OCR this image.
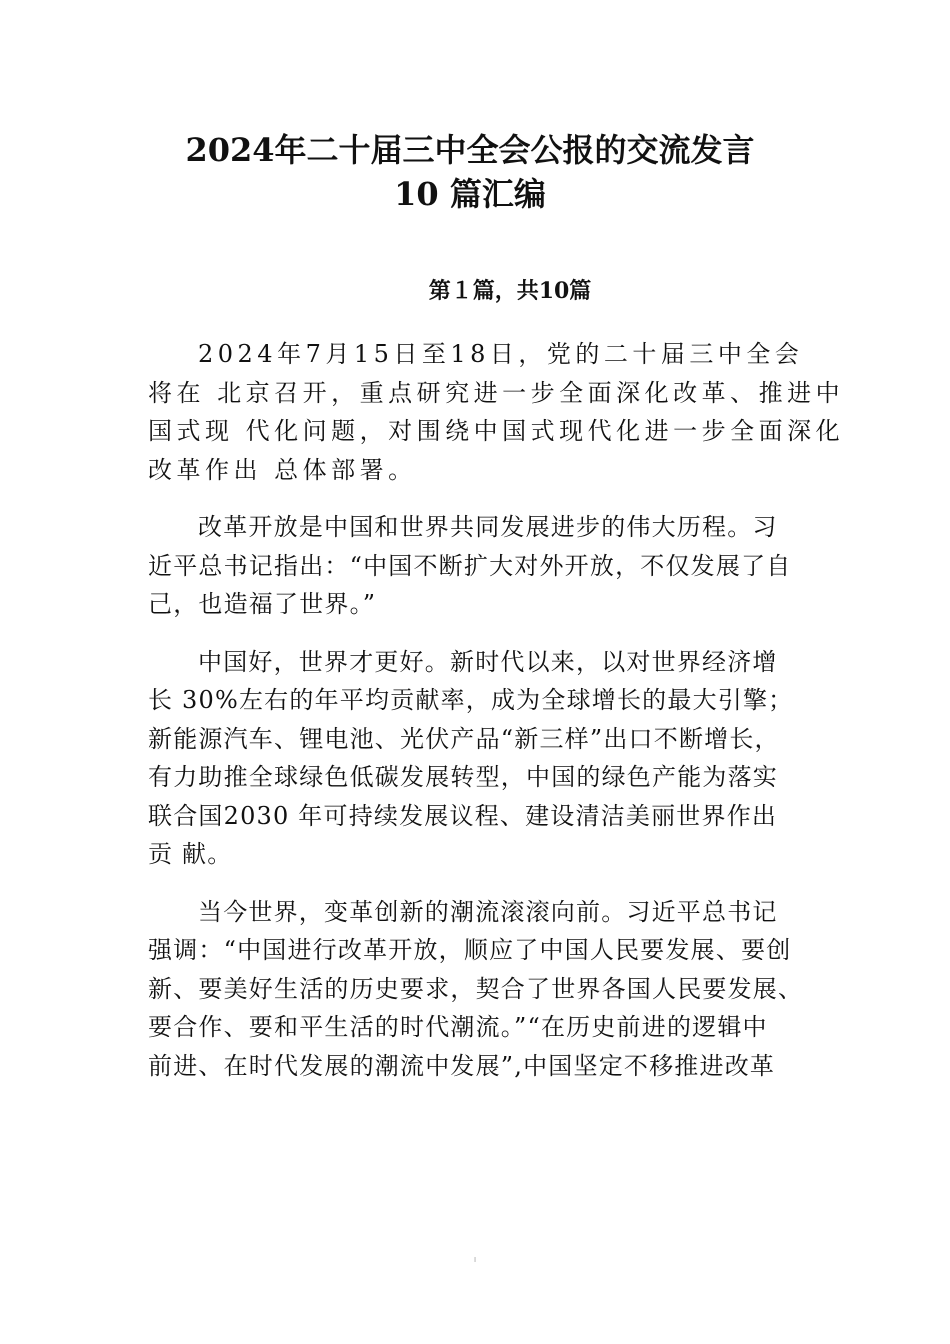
2024年二十届三中全会公报的交流发言
10 篇汇编
第１篇，共10篇

2024年7月15日至18日，党的二十届三中全会
将在 北京召开，重点研究进一步全面深化改革、推进中
国式现 代化问题，对围绕中国式现代化进一步全面深化
改革作出 总体部署。

改革开放是中国和世界共同发展进步的伟大历程。习
近平总书记指出：“中国不断扩大对外开放，不仅发展了自
己，也造福了世界。”

中国好，世界才更好。新时代以来，以对世界经济增
长 30%左右的年平均贡献率，成为全球增长的最大引擎；
新能源汽车、锂电池、光伏产品“新三样”出口不断增长，
有力助推全球绿色低碳发展转型，中国的绿色产能为落实
联合国2030 年可持续发展议程、建设清洁美丽世界作出
贡 献。

当今世界，变革创新的潮流滚滚向前。习近平总书记
强调：“中国进行改革开放，顺应了中国人民要发展、要创
新、要美好生活的历史要求，契合了世界各国人民要发展、
要合作、要和平生活的时代潮流。”“在历史前进的逻辑中
前进、在时代发展的潮流中发展”,中国坚定不移推进改革

I
